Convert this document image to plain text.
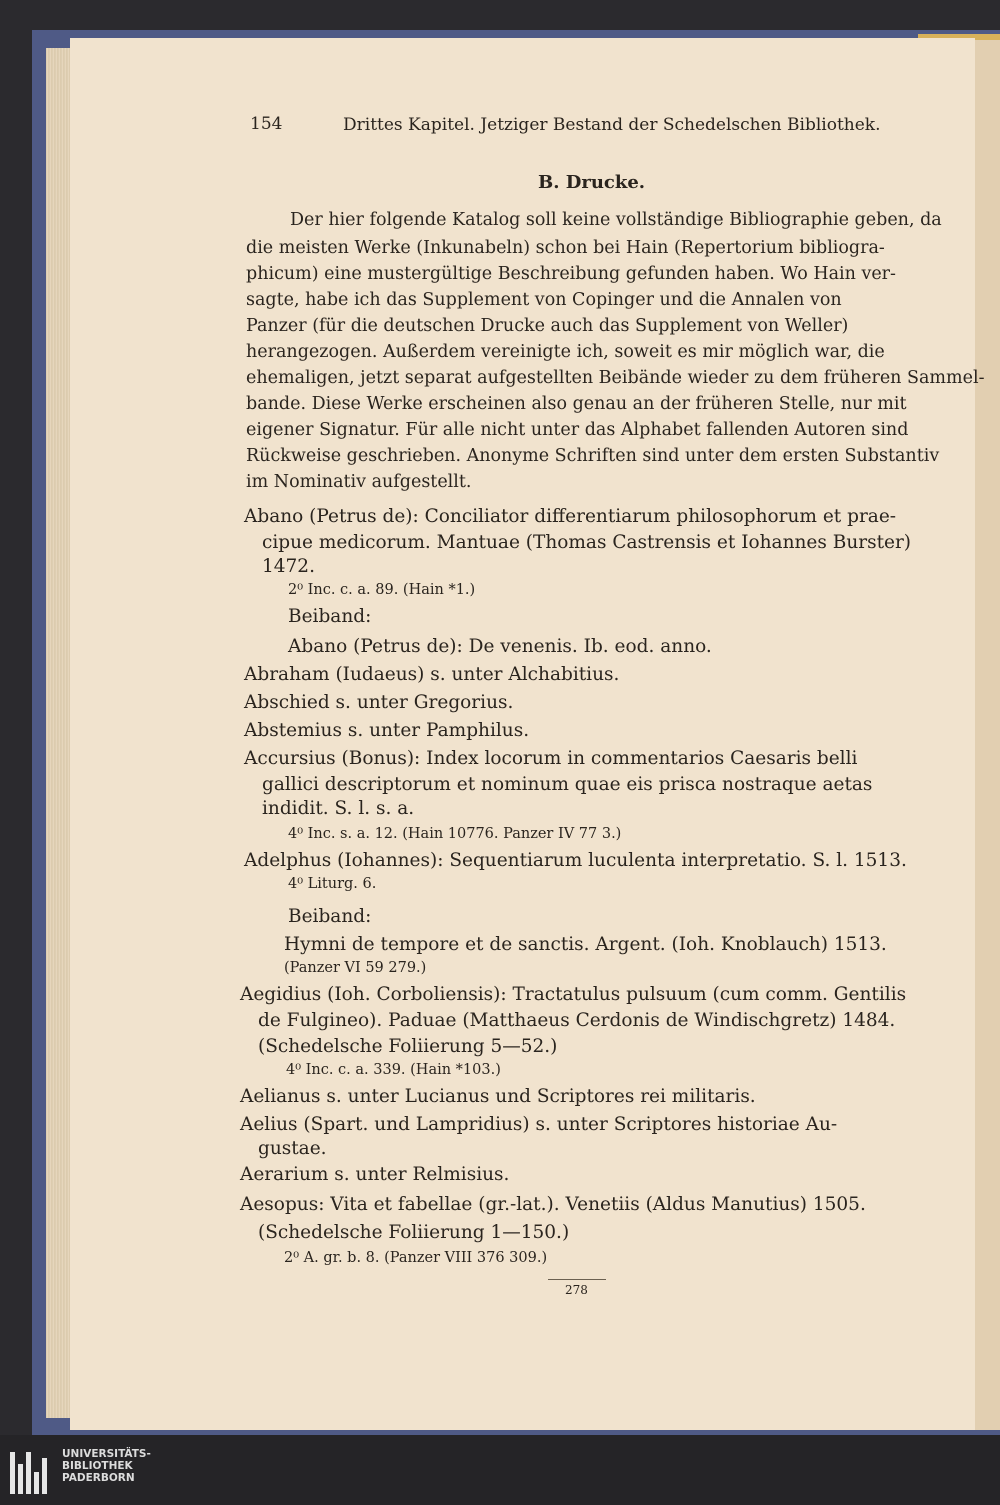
154	Drittes Kapitel. Jetziger Bestand der Schedelschen Bibliothek.

B. Drucke.

Der hier folgende Katalog soll keine vollständige Bibliographie geben, da

die meisten Werke (Inkunabeln) schon bei Hain (Repertorium bibliogra-

phicum) eine mustergültige Beschreibung gefunden haben. Wo Hain ver-

sagte, habe ich das Supplement von Copinger und die Annalen von

Panzer (für die deutschen Drucke auch das Supplement von Weller)

herangezogen. Außerdem vereinigte ich, soweit es mir möglich war, die

ehemaligen, jetzt separat aufgestellten Beibände wieder zu dem früheren Sammel-

bande. Diese Werke erscheinen also genau an der früheren Stelle, nur mit

eigener Signatur. Für alle nicht unter das Alphabet fallenden Autoren sind

Rückweise geschrieben. Anonyme Schriften sind unter dem ersten Substantiv

im Nominativ aufgestellt.

Abano (Petrus de): Conciliator differentiarum philosophorum et prae-

cipue medicorum. Mantuae (Thomas Castrensis et Iohannes Burster)

1472.

2⁰ Inc. c. a. 89. (Hain *1.)

Beiband:

Abano (Petrus de): De venenis. Ib. eod. anno.

Abraham (Iudaeus) s. unter Alchabitius.

Abschied s. unter Gregorius.

Abstemius s. unter Pamphilus.

Accursius (Bonus): Index locorum in commentarios Caesaris belli

gallici descriptorum et nominum quae eis prisca nostraque aetas

indidit. S. l. s. a.

4⁰ Inc. s. a. 12. (Hain 10776. Panzer IV 77 3.)

Adelphus (Iohannes): Sequentiarum luculenta interpretatio. S. l. 1513.

4⁰ Liturg. 6.

Beiband:

Hymni de tempore et de sanctis. Argent. (Ioh. Knoblauch) 1513.

(Panzer VI 59 279.)

Aegidius (Ioh. Corboliensis): Tractatulus pulsuum (cum comm. Gentilis

de Fulgineo). Paduae (Matthaeus Cerdonis de Windischgretz) 1484.

(Schedelsche Foliierung 5—52.)

4⁰ Inc. c. a. 339. (Hain *103.)

Aelianus s. unter Lucianus und Scriptores rei militaris.

Aelius (Spart. und Lampridius) s. unter Scriptores historiae Au-

gustae.

Aerarium s. unter Relmisius.

Aesopus: Vita et fabellae (gr.-lat.). Venetiis (Aldus Manutius) 1505.

(Schedelsche Foliierung 1—150.)

2⁰ A. gr. b. 8. (Panzer VIII 376 309.)

278

UNIVERSITÄTS-
BIBLIOTHEK
PADERBORN
